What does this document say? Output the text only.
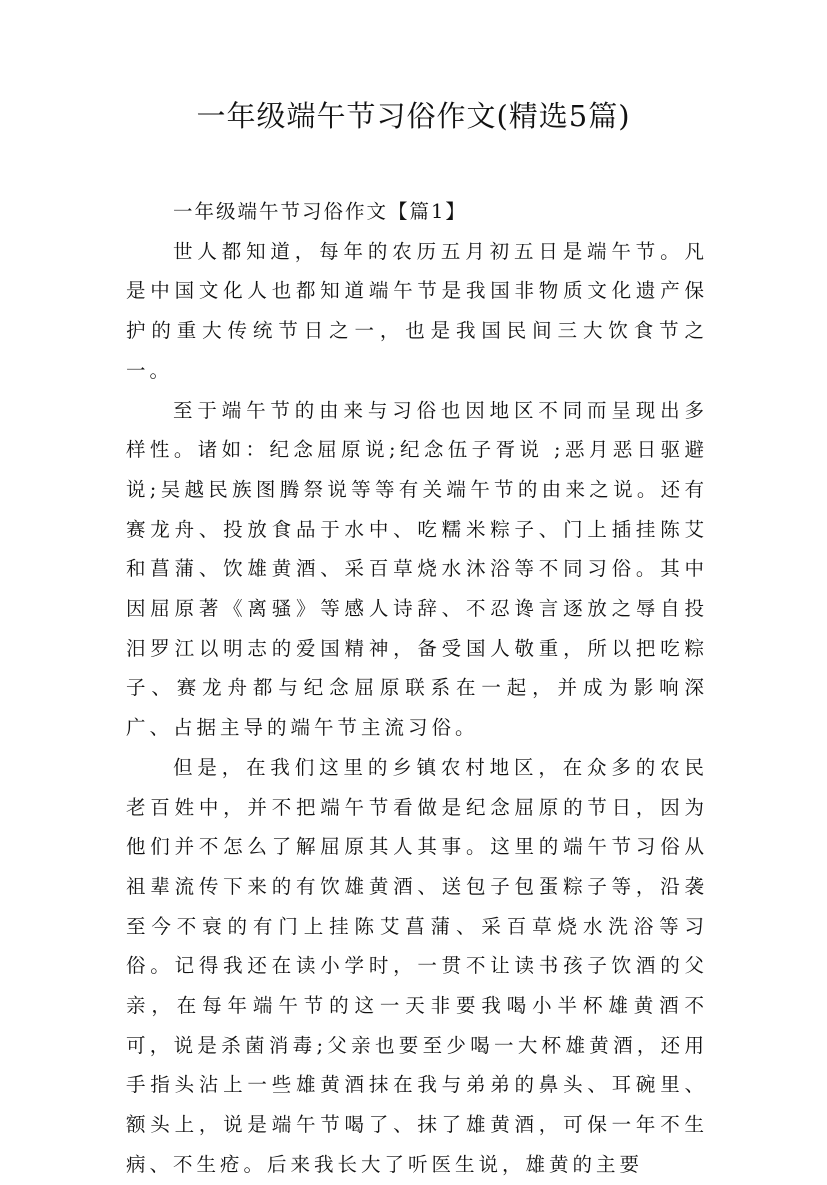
一年级端午节习俗作文(精选5篇)

一年级端午节习俗作文【篇1】

世人都知道，每年的农历五月初五日是端午节。凡是中国文化人也都知道端午节是我国非物质文化遗产保护的重大传统节日之一，也是我国民间三大饮食节之一。

至于端午节的由来与习俗也因地区不同而呈现出多样性。诸如：纪念屈原说;纪念伍子胥说 ;恶月恶日驱避说;吴越民族图腾祭说等等有关端午节的由来之说。还有赛龙舟、投放食品于水中、吃糯米粽子、门上插挂陈艾和菖蒲、饮雄黄酒、采百草烧水沐浴等不同习俗。其中因屈原著《离骚》等感人诗辞、不忍谗言逐放之辱自投汨罗江以明志的爱国精神，备受国人敬重，所以把吃粽子、赛龙舟都与纪念屈原联系在一起，并成为影响深广、占据主导的端午节主流习俗。

但是，在我们这里的乡镇农村地区，在众多的农民老百姓中，并不把端午节看做是纪念屈原的节日，因为他们并不怎么了解屈原其人其事。这里的端午节习俗从祖辈流传下来的有饮雄黄酒、送包子包蛋粽子等，沿袭至今不衰的有门上挂陈艾菖蒲、采百草烧水洗浴等习俗。记得我还在读小学时，一贯不让读书孩子饮酒的父亲，在每年端午节的这一天非要我喝小半杯雄黄酒不可，说是杀菌消毒;父亲也要至少喝一大杯雄黄酒，还用手指头沾上一些雄黄酒抹在我与弟弟的鼻头、耳碗里、额头上，说是端午节喝了、抹了雄黄酒，可保一年不生病、不生疮。后来我长大了听医生说，雄黄的主要
